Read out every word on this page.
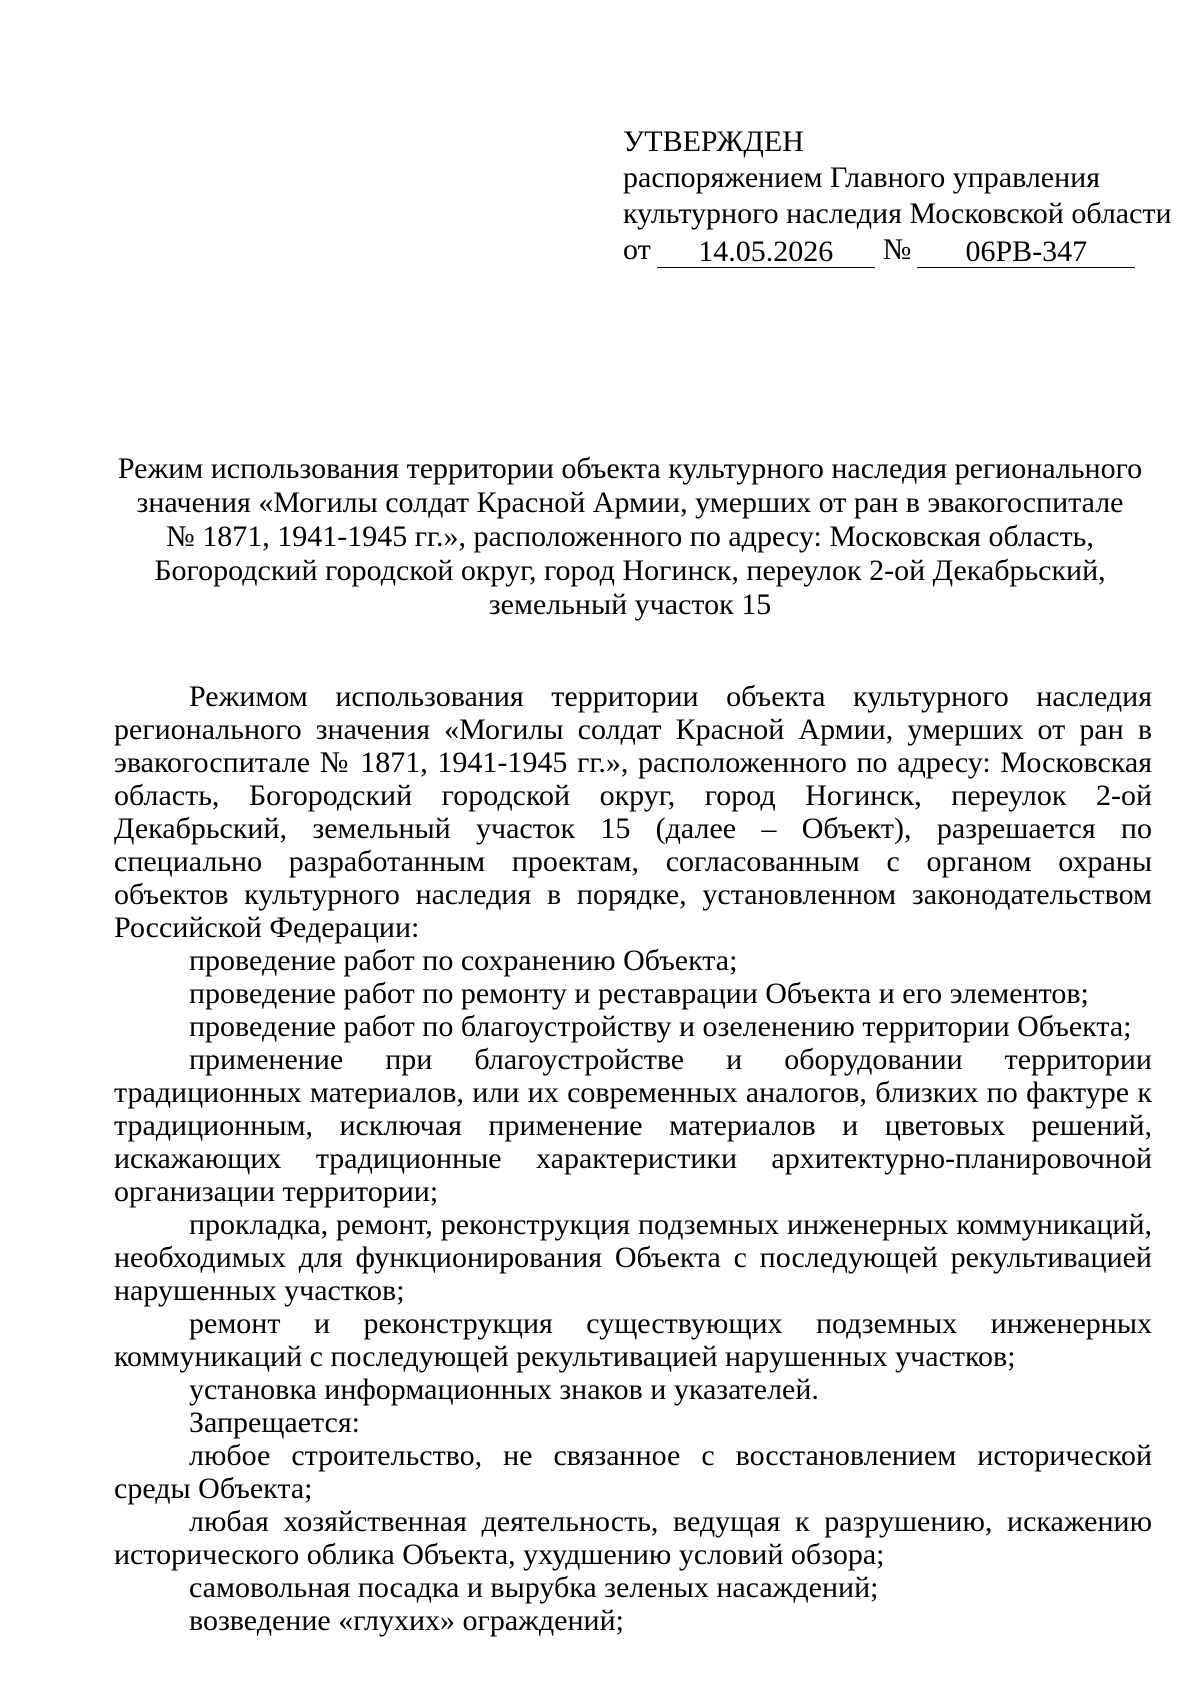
УТВЕРЖДЕН
распоряжением Главного управления
культурного наследия Московской области
от	14.05.2026	№	06РВ-347
Режим использования территории объекта культурного наследия регионального
значения «Могилы солдат Красной Армии, умерших от ран в эвакогоспитале
№ 1871, 1941-1945 гг.», расположенного по адресу: Московская область,
Богородский городской округ, город Ногинск, переулок 2-ой Декабрьский,
земельный участок 15

Режимом использования территории объекта культурного наследия регионального значения «Могилы солдат Красной Армии, умерших от ран в эвакогоспитале № 1871, 1941-1945 гг.», расположенного по адресу: Московская область, Богородский городской округ, город Ногинск, переулок 2-ой Декабрьский, земельный участок 15 (далее – Объект), разрешается по специально разработанным проектам, согласованным с органом охраны объектов культурного наследия в порядке, установленном законодательством Российской Федерации:

проведение работ по сохранению Объекта;

проведение работ по ремонту и реставрации Объекта и его элементов;

проведение работ по благоустройству и озеленению территории Объекта;

применение при благоустройстве и оборудовании территории традиционных материалов, или их современных аналогов, близких по фактуре к традиционным, исключая применение материалов и цветовых решений, искажающих традиционные характеристики архитектурно-планировочной организации территории;

прокладка, ремонт, реконструкция подземных инженерных коммуникаций, необходимых для функционирования Объекта с последующей рекультивацией нарушенных участков;

ремонт и реконструкция существующих подземных инженерных коммуникаций с последующей рекультивацией нарушенных участков;

установка информационных знаков и указателей.

Запрещается:

любое строительство, не связанное с восстановлением исторической среды Объекта;

любая хозяйственная деятельность, ведущая к разрушению, искажению исторического облика Объекта, ухудшению условий обзора;

самовольная посадка и вырубка зеленых насаждений;

возведение «глухих» ограждений;
